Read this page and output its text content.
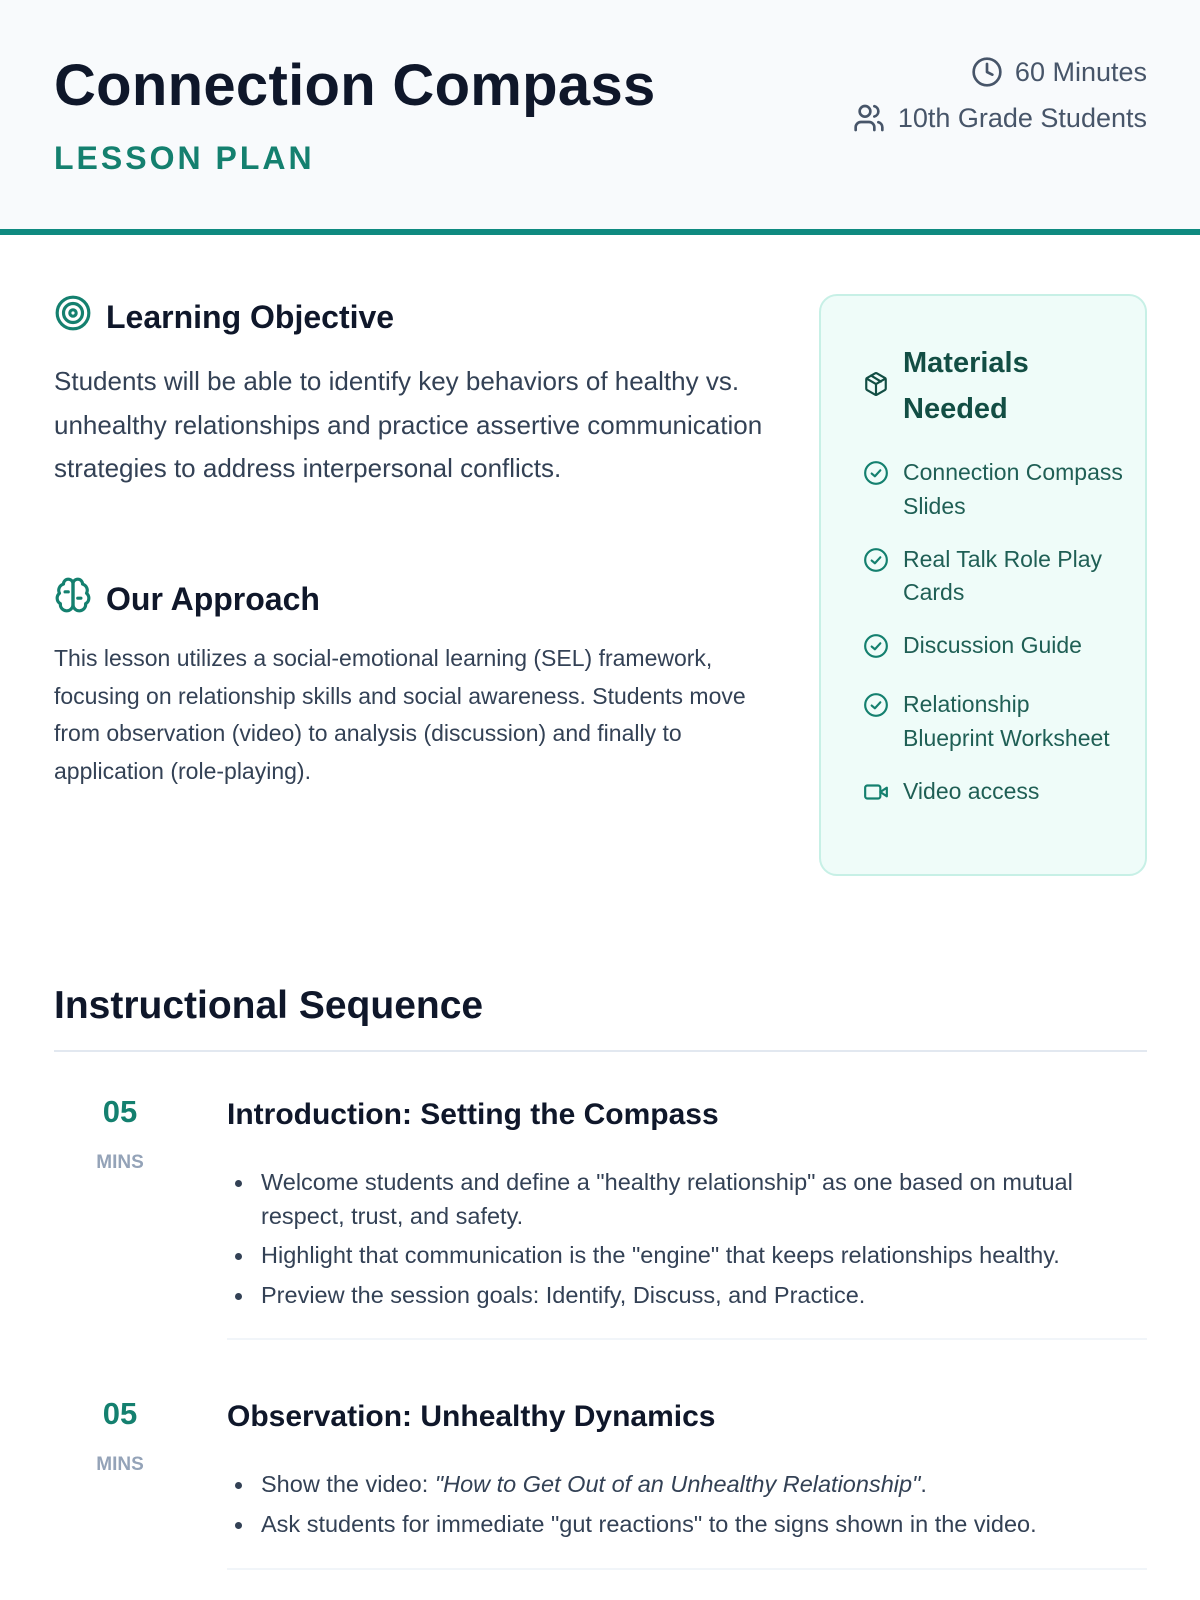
Connection Compass
LESSON PLAN
60 Minutes
10th Grade Students
Learning Objective

Students will be able to identify key behaviors of healthy vs. unhealthy relationships and practice assertive communication strategies to address interpersonal conflicts.

Our Approach

This lesson utilizes a social-emotional learning (SEL) framework, focusing on relationship skills and social awareness. Students move from observation (video) to analysis (discussion) and finally to application (role-playing).

Materials Needed
Connection Compass Slides
Real Talk Role Play Cards
Discussion Guide
Relationship Blueprint Worksheet
Video access
Instructional Sequence
05
MINS
Introduction: Setting the Compass
Welcome students and define a "healthy relationship" as one based on mutual respect, trust, and safety.
Highlight that communication is the "engine" that keeps relationships healthy.
Preview the session goals: Identify, Discuss, and Practice.
05
MINS
Observation: Unhealthy Dynamics
Show the video: "How to Get Out of an Unhealthy Relationship".
Ask students for immediate "gut reactions" to the signs shown in the video.
